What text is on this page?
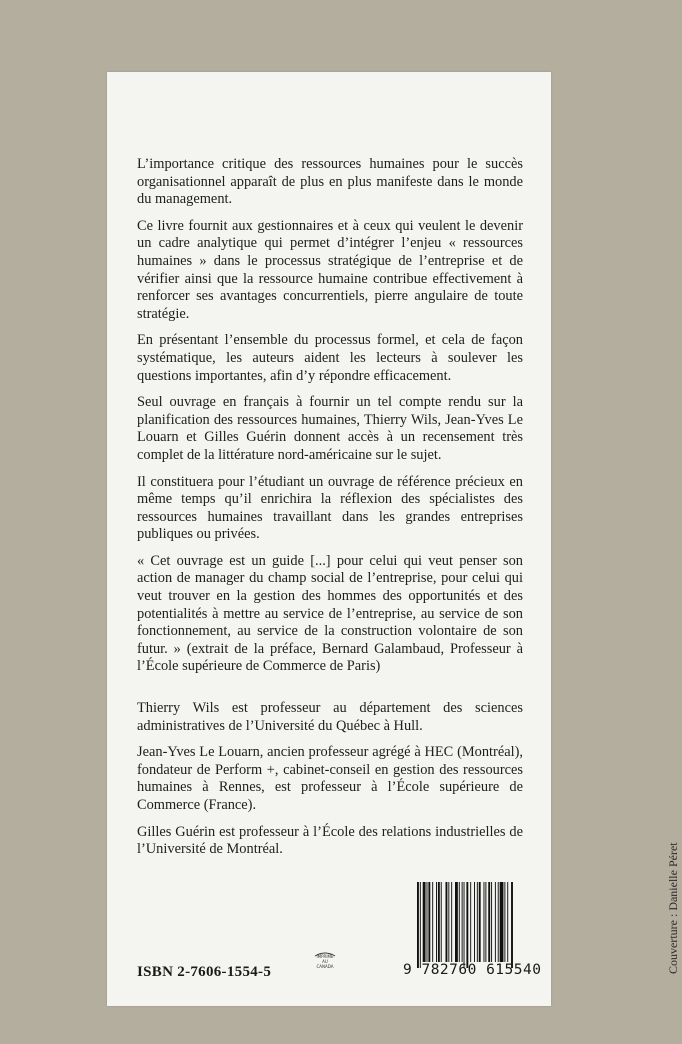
L’importance critique des ressources humaines pour le succès organisationnel apparaît de plus en plus manifeste dans le monde du management.

Ce livre fournit aux gestionnaires et à ceux qui veulent le devenir un cadre analytique qui permet d’intégrer l’enjeu « ressources humaines » dans le processus stratégique de l’entreprise et de vérifier ainsi que la ressource humaine contribue effectivement à renforcer ses avantages concurrentiels, pierre angulaire de toute stratégie.

En présentant l’ensemble du processus formel, et cela de façon systématique, les auteurs aident les lecteurs à soulever les questions importantes, afin d’y répondre efficacement.

Seul ouvrage en français à fournir un tel compte rendu sur la planification des ressources humaines, Thierry Wils, Jean-Yves Le Louarn et Gilles Guérin donnent accès à un recensement très complet de la littérature nord-américaine sur le sujet.

Il constituera pour l’étudiant un ouvrage de référence précieux en même temps qu’il enrichira la réflexion des spécialistes des ressources humaines travaillant dans les grandes entreprises publiques ou privées.

« Cet ouvrage est un guide [...] pour celui qui veut penser son action de manager du champ social de l’entreprise, pour celui qui veut trouver en la gestion des hommes des opportunités et des potentialités à mettre au service de l’entreprise, au service de son fonctionnement, au service de la construction volontaire de son futur. » (extrait de la préface, Bernard Galambaud, Professeur à l’École supérieure de Commerce de Paris)

Thierry Wils est professeur au département des sciences administratives de l’Université du Québec à Hull.

Jean-Yves Le Louarn, ancien professeur agrégé à HEC (Montréal), fondateur de Perform +, cabinet-conseil en gestion des ressources humaines à Rennes, est professeur à l’École supérieure de Commerce (France).

Gilles Guérin est professeur à l’École des relations industrielles de l’Université de Montréal.

ISBN 2-7606-1554-5
IMPRIMÉ
AU
CANADA	9 782760 615540	Couverture : Danielle Péret
